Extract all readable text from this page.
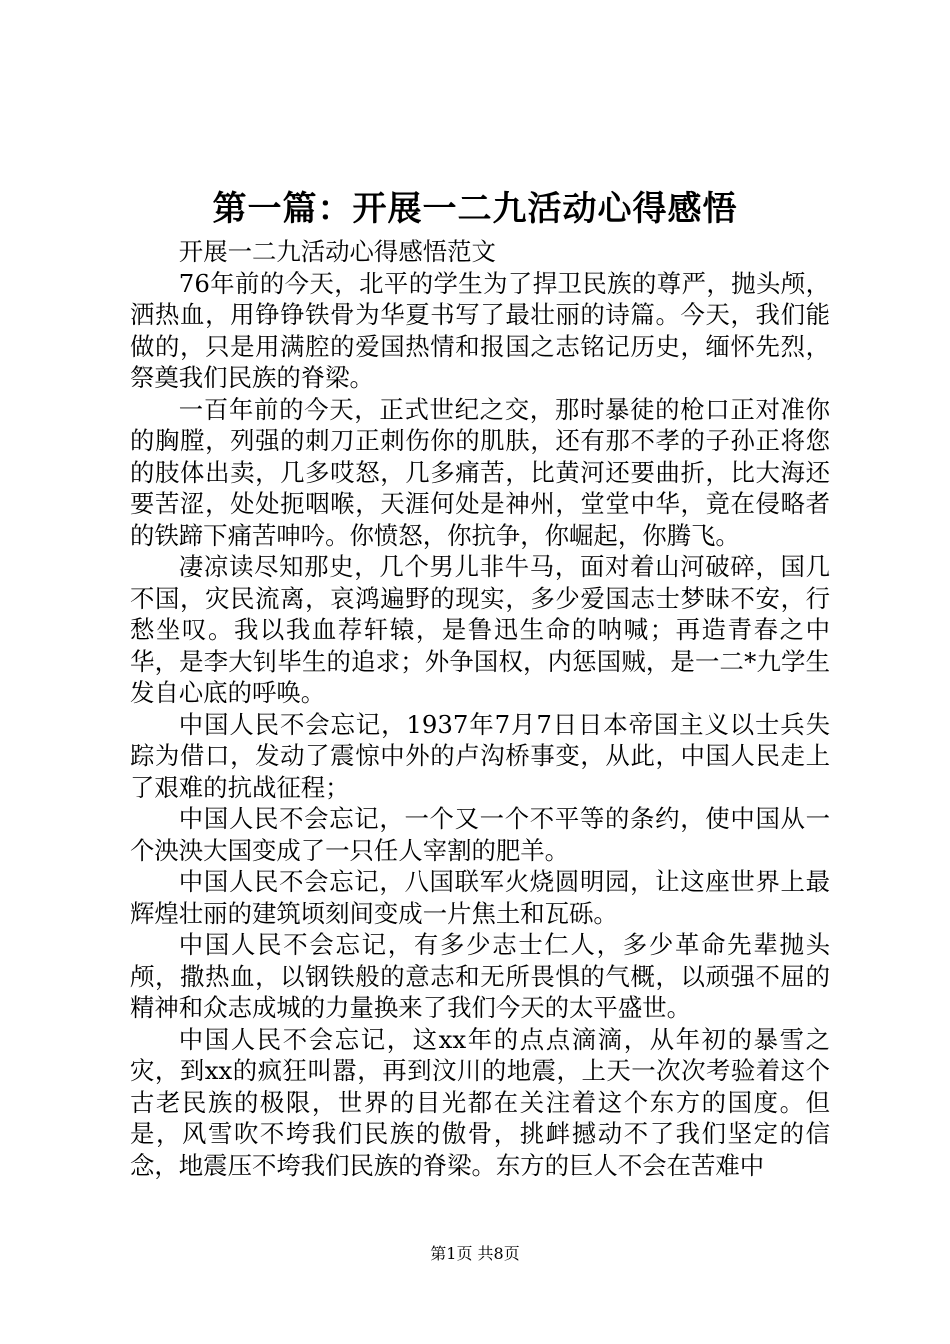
第一篇：开展一二九活动心得感悟

开展一二九活动心得感悟范文

76年前的今天，北平的学生为了捍卫民族的尊严，抛头颅，洒热血，用铮铮铁骨为华夏书写了最壮丽的诗篇。今天，我们能做的，只是用满腔的爱国热情和报国之志铭记历史，缅怀先烈，祭奠我们民族的脊梁。

一百年前的今天，正式世纪之交，那时暴徒的枪口正对准你的胸膛，列强的刺刀正刺伤你的肌肤，还有那不孝的子孙正将您的肢体出卖，几多哎怒，几多痛苦，比黄河还要曲折，比大海还要苦涩，处处扼咽喉，天涯何处是神州，堂堂中华，竟在侵略者的铁蹄下痛苦呻吟。你愤怒，你抗争，你崛起，你腾飞。

凄凉读尽知那史，几个男儿非牛马，面对着山河破碎，国几不国，灾民流离，哀鸿遍野的现实，多少爱国志士梦昧不安，行愁坐叹。我以我血荐轩辕，是鲁迅生命的呐喊；再造青春之中华，是李大钊毕生的追求；外争国权，内惩国贼，是一二*九学生发自心底的呼唤。

中国人民不会忘记，1937年7月7日日本帝国主义以士兵失踪为借口，发动了震惊中外的卢沟桥事变，从此，中国人民走上了艰难的抗战征程；

中国人民不会忘记，一个又一个不平等的条约，使中国从一个泱泱大国变成了一只任人宰割的肥羊。

中国人民不会忘记，八国联军火烧圆明园，让这座世界上最辉煌壮丽的建筑顷刻间变成一片焦土和瓦砾。

中国人民不会忘记，有多少志士仁人，多少革命先辈抛头颅，撒热血，以钢铁般的意志和无所畏惧的气概，以顽强不屈的精神和众志成城的力量换来了我们今天的太平盛世。

中国人民不会忘记，这xx年的点点滴滴，从年初的暴雪之灾，到xx的疯狂叫嚣，再到汶川的地震，上天一次次考验着这个古老民族的极限，世界的目光都在关注着这个东方的国度。但是，风雪吹不垮我们民族的傲骨，挑衅撼动不了我们坚定的信念，地震压不垮我们民族的脊梁。东方的巨人不会在苦难中

第1页 共8页
